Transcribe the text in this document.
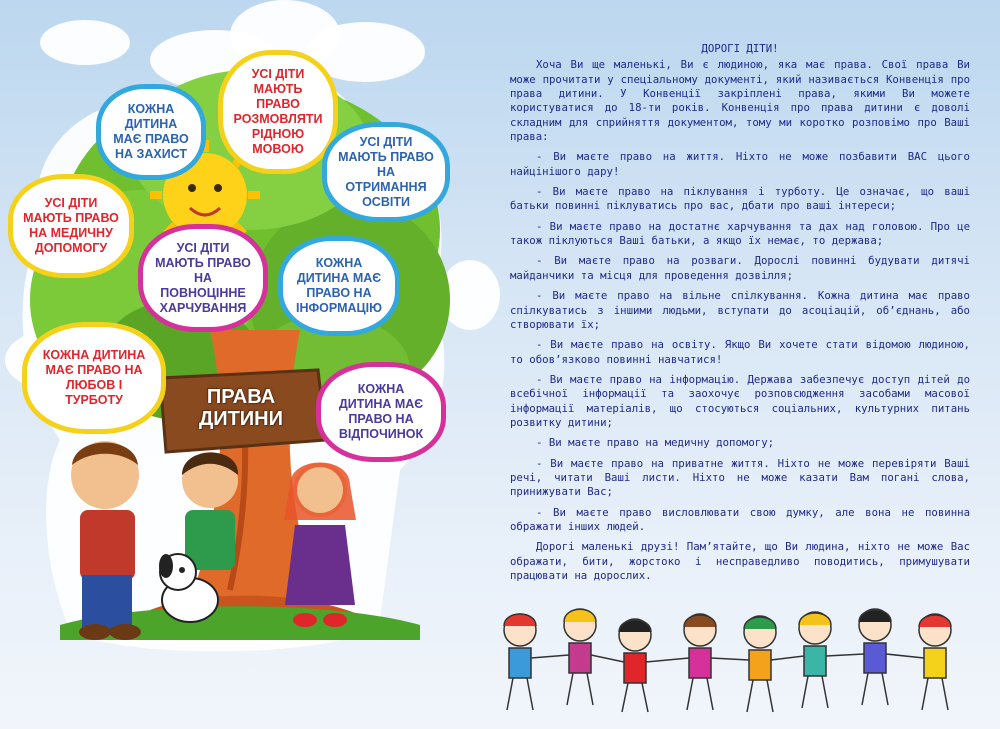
КОЖНА ДИТИНА МАЄ ПРАВО НА ЗАХИСТ
УСІ ДІТИ МАЮТЬ ПРАВО РОЗМОВЛЯТИ РІДНОЮ МОВОЮ
УСІ ДІТИ МАЮТЬ ПРАВО НА ОТРИМАННЯ ОСВІТИ
УСІ ДІТИ МАЮТЬ ПРАВО НА МЕДИЧНУ ДОПОМОГУ	УСІ ДІТИ МАЮТЬ ПРАВО НА ПОВНОЦІННЕ ХАРЧУВАННЯ
КОЖНА ДИТИНА МАЄ ПРАВО НА ІНФОРМАЦІЮ
КОЖНА ДИТИНА МАЄ ПРАВО НА ЛЮБОВ І ТУРБОТУ
КОЖНА ДИТИНА МАЄ ПРАВО НА ВІДПОЧИНОК
ПРАВА
ДИТИНИ
ДОРОГІ ДІТИ!

Хоча Ви ще маленькі, Ви є людиною, яка має права. Свої права Ви може прочитати у спеціальному документі, який називається Конвенція про права дитини. У Конвенції закріплені права, якими Ви можете користуватися до 18-ти років. Конвенція про права дитини є доволі складним для сприйняття документом, тому ми коротко розповімо про Ваші права:

- Ви маєте право на життя. Ніхто не може позбавити ВАС цього найцінішого дару!

- Ви маєте право на піклування і турботу. Це означає, що ваші батьки повинні піклуватись про вас, дбати про ваші інтереси;

- Ви маєте право на достатнє харчування та дах над головою. Про це також піклуються Ваші батьки, а якщо їх немає, то держава;

- Ви маєте право на розваги. Дорослі повинні будувати дитячі майданчики та місця для проведення дозвілля;

- Ви маєте право на вільне спілкування. Кожна дитина має право спілкуватись з іншими людьми, вступати до асоціацій, об’єднань, або створювати їх;

- Ви маєте право на освіту. Якщо Ви хочете стати відомою людиною, то обов’язково повинні навчатися!

- Ви маєте право на інформацію. Держава забезпечує доступ дітей до всебічної інформації та заохочує розповсюдження засобами масової інформації матеріалів, що стосуються соціальних, культурних питань розвитку дитини;

- Ви маєте право на медичну допомогу;

- Ви маєте право на приватне життя. Ніхто не може перевіряти Ваші речі, читати Ваші листи. Ніхто не може казати Вам погані слова, принижувати Вас;

- Ви маєте право висловлювати свою думку, але вона не повинна ображати інших людей.

Дорогі маленькі друзі! Пам’ятайте, що Ви людина, ніхто не може Вас ображати, бити, жорстоко і несправедливо поводитись, примушувати працювати на дорослих.
